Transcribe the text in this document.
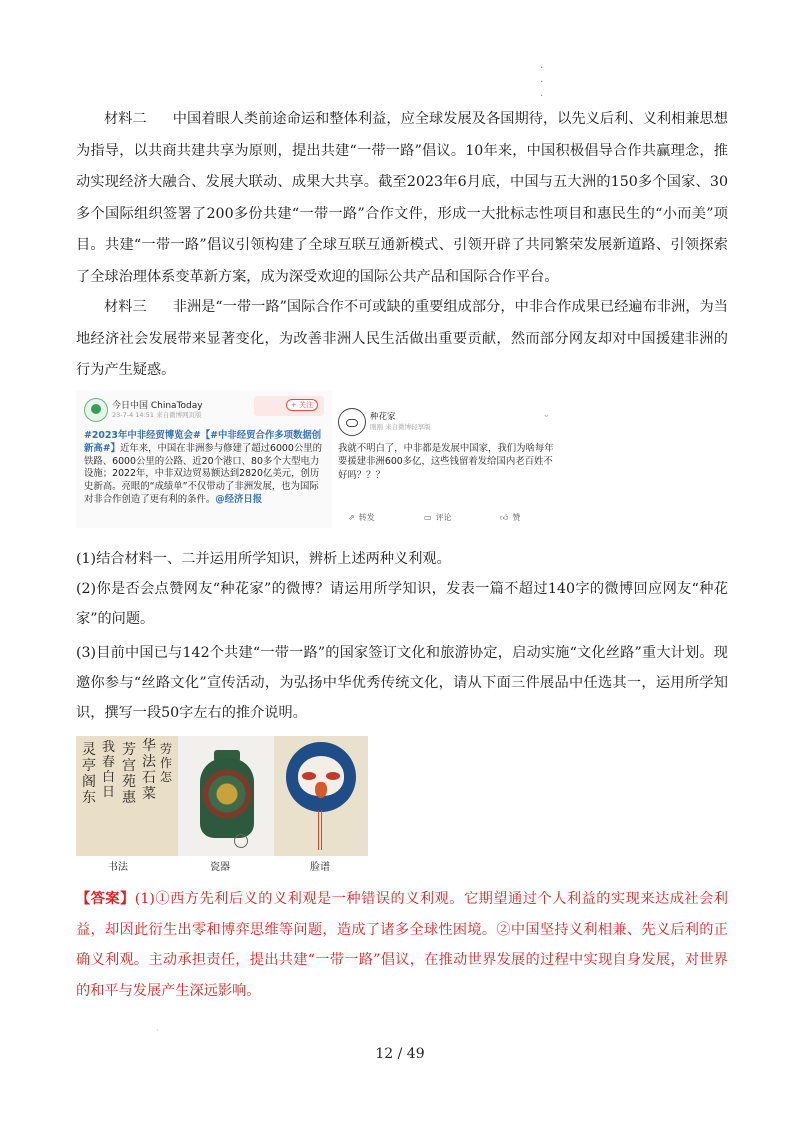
·
·
·

材料二 中国着眼人类前途命运和整体利益，应全球发展及各国期待，以先义后利、义利相兼思想为指导，以共商共建共享为原则，提出共建“一带一路”倡议。10年来，中国积极倡导合作共赢理念，推动实现经济大融合、发展大联动、成果大共享。截至2023年6月底，中国与五大洲的150多个国家、30多个国际组织签署了200多份共建“一带一路”合作文件，形成一大批标志性项目和惠民生的“小而美”项目。共建“一带一路”倡议引领构建了全球互联互通新模式、引领开辟了共同繁荣发展新道路、引领探索了全球治理体系变革新方案，成为深受欢迎的国际公共产品和国际合作平台。

材料三 非洲是“一带一路”国际合作不可或缺的重要组成部分，中非合作成果已经遍布非洲，为当地经济社会发展带来显著变化，为改善非洲人民生活做出重要贡献，然而部分网友却对中国援建非洲的行为产生疑惑。

今日中国 ChinaToday
23-7-4 14:51 来自微博网页版
+ 关注

#2023年中非经贸博览会#【#中非经贸合作多项数据创新高#】近年来，中国在非洲参与修建了超过6000公里的铁路、6000公里的公路、近20个港口、80多个大型电力设施；2022年，中非双边贸易额达到2820亿美元，创历史新高。亮眼的“成绩单”不仅带动了非洲发展，也为国际对非合作创造了更有利的条件。@经济日报

种花家
刚刚 来自微博轻享版
⌄

我就不明白了，中非都是发展中国家，我们为啥每年要援建非洲600多亿，这些钱留着发给国内老百姓不好吗？？？

⇗ 转发	▭ 评论	👍︎ 赞

(1)结合材料一、二并运用所学知识，辨析上述两种义利观。

(2)你是否会点赞网友“种花家”的微博？请运用所学知识，发表一篇不超过140字的微博回应网友“种花家”的问题。

(3)目前中国已与142个共建“一带一路”的国家签订文化和旅游协定，启动实施“文化丝路”重大计划。现邀你参与“丝路文化”宣传活动，为弘扬中华优秀传统文化，请从下面三件展品中任选其一，运用所学知识，撰写一段50字左右的推介说明。

灵亭阁东
我春白日
芳宫苑惠
华法石菜
劳作怎
书法	瓷器	脸谱

【答案】(1)①西方先利后义的义利观是一种错误的义利观。它期望通过个人利益的实现来达成社会利益，却因此衍生出零和博弈思维等问题，造成了诸多全球性困境。②中国坚持义利相兼、先义后利的正确义利观。主动承担责任，提出共建“一带一路”倡议，在推动世界发展的过程中实现自身发展，对世界的和平与发展产生深远影响。

·
12 / 49
